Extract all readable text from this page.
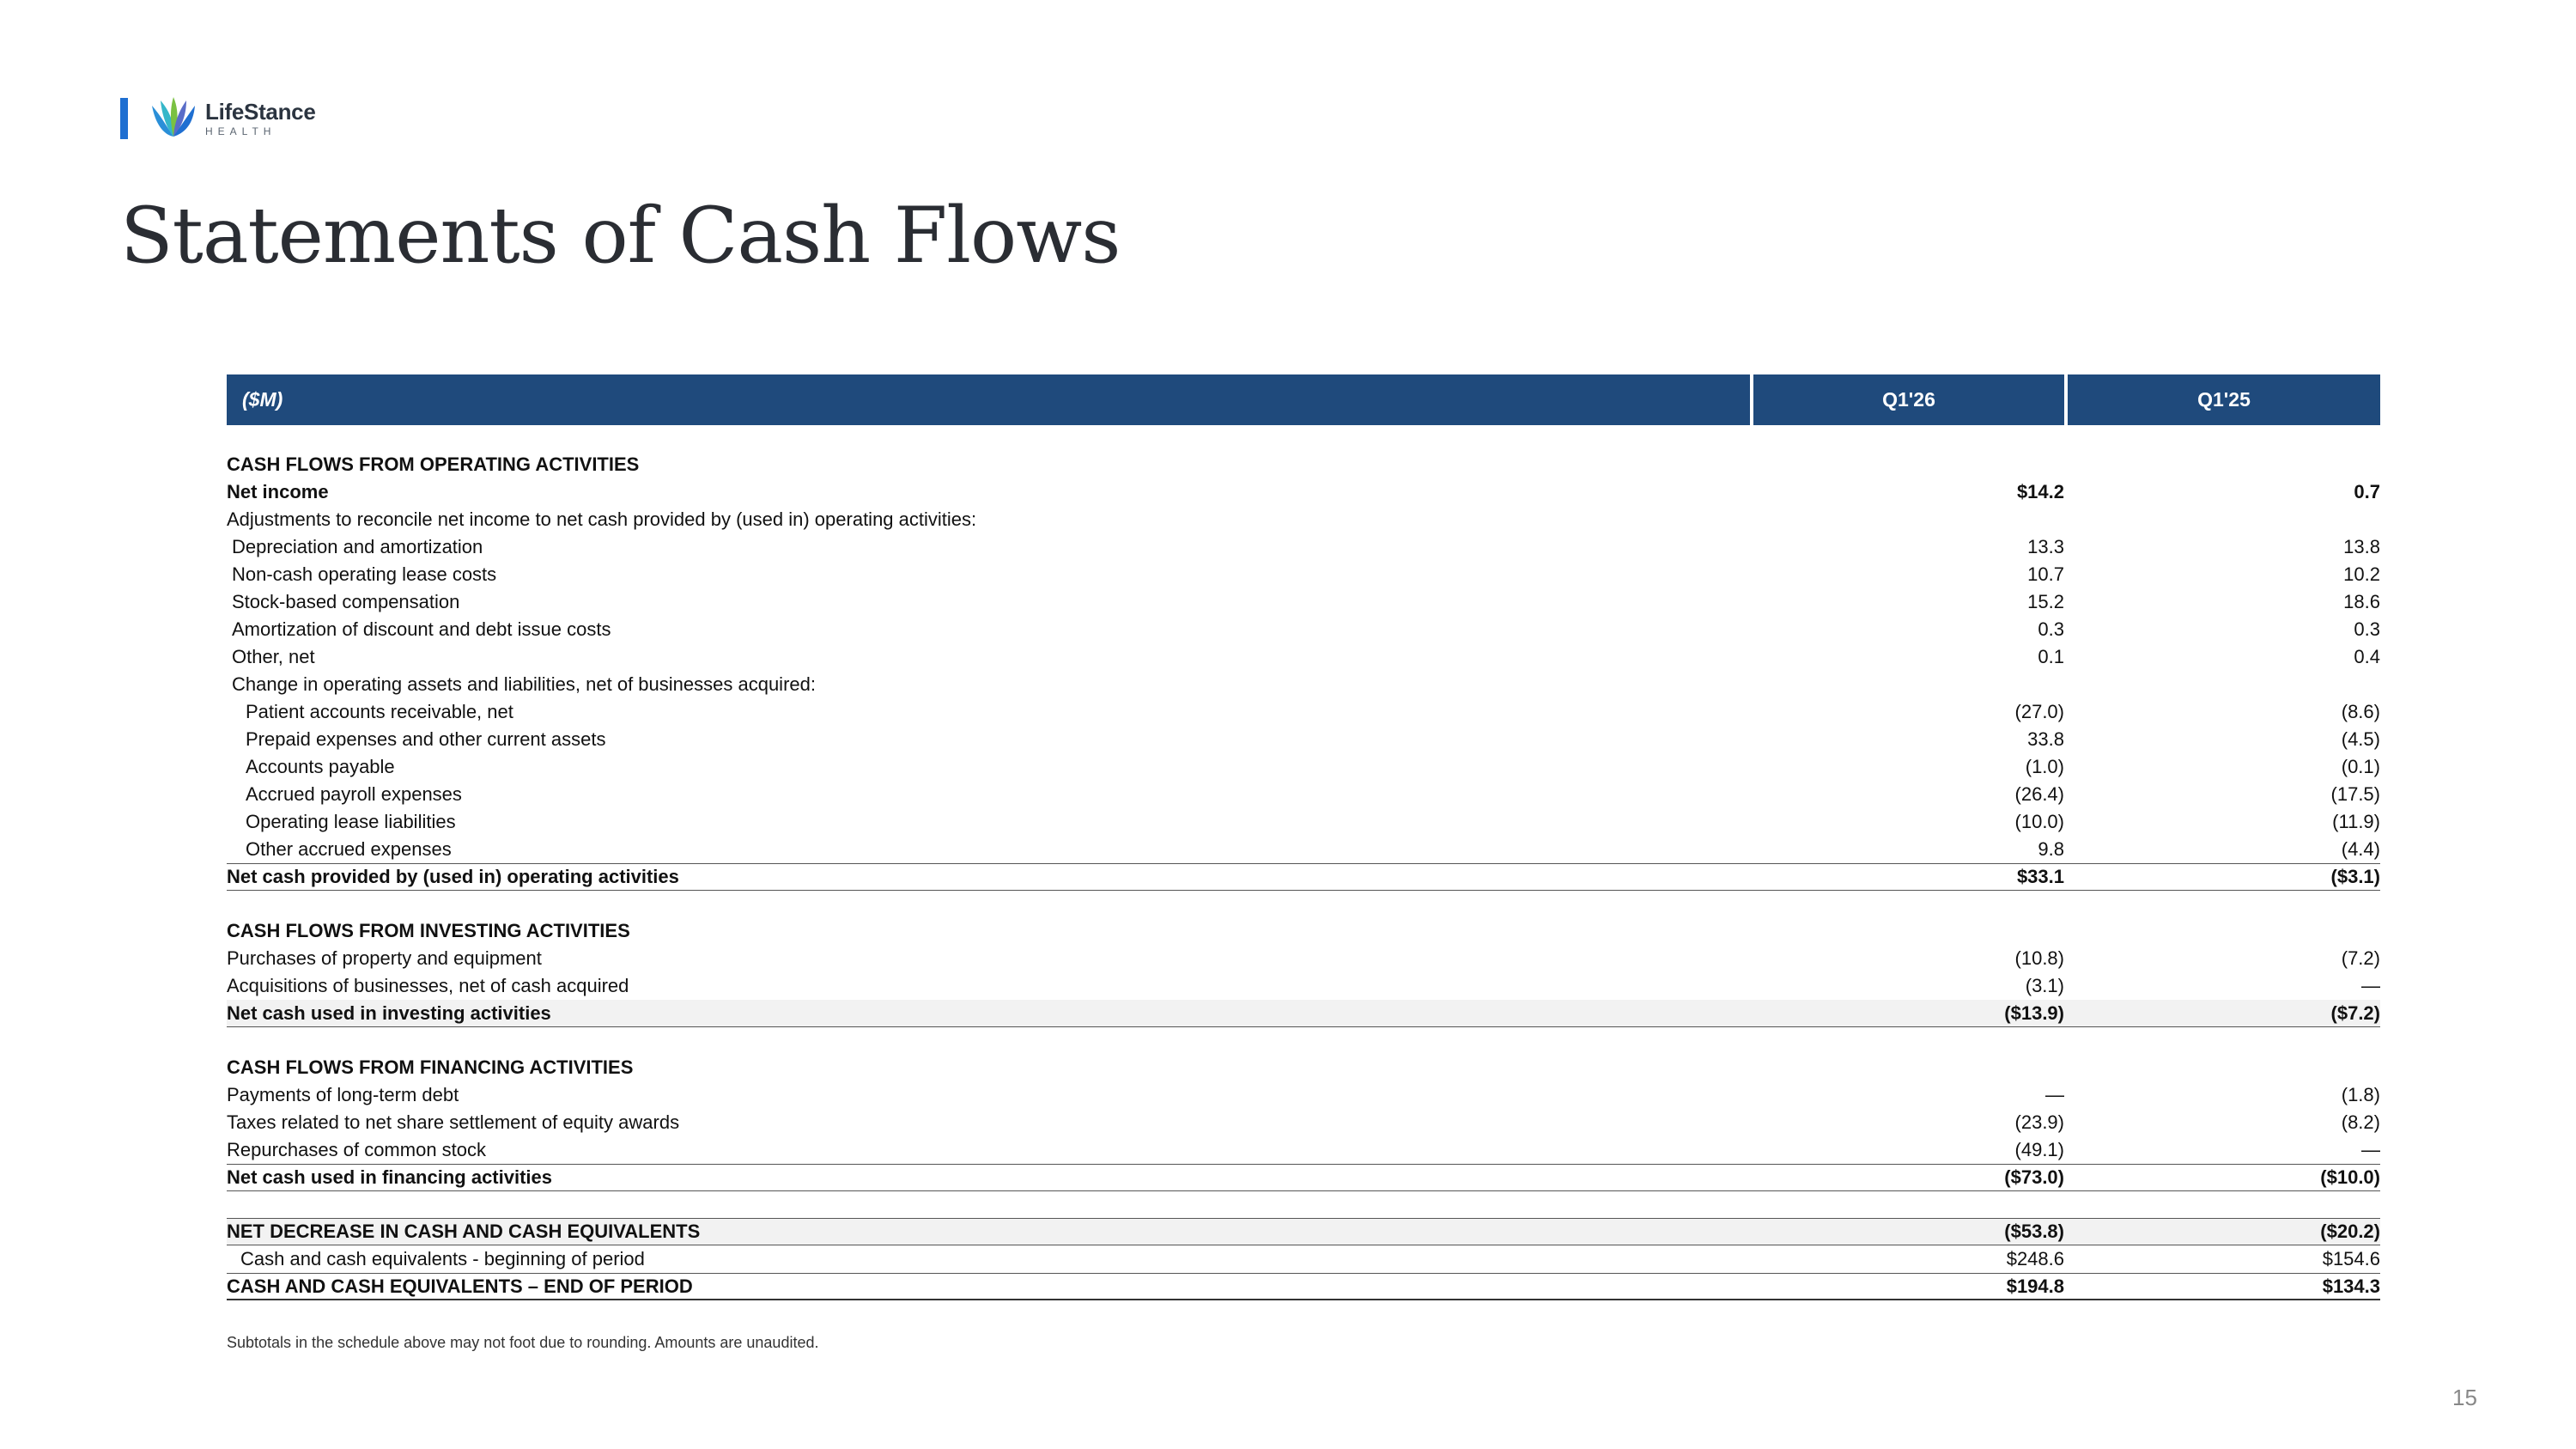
LifeStance
HEALTH
Statements of Cash Flows
($M)	Q1'26	Q1'25
CASH FLOWS FROM OPERATING ACTIVITIES
Net income	$14.2	0.7
Adjustments to reconcile net income to net cash provided by (used in) operating activities:
Depreciation and amortization	13.3	13.8
Non-cash operating lease costs	10.7	10.2
Stock-based compensation	15.2	18.6
Amortization of discount and debt issue costs	0.3	0.3
Other, net	0.1	0.4
Change in operating assets and liabilities, net of businesses acquired:
Patient accounts receivable, net	(27.0)	(8.6)
Prepaid expenses and other current assets	33.8	(4.5)
Accounts payable	(1.0)	(0.1)
Accrued payroll expenses	(26.4)	(17.5)
Operating lease liabilities	(10.0)	(11.9)
Other accrued expenses	9.8	(4.4)
Net cash provided by (used in) operating activities	$33.1	($3.1)
CASH FLOWS FROM INVESTING ACTIVITIES
Purchases of property and equipment	(10.8)	(7.2)
Acquisitions of businesses, net of cash acquired	(3.1)	—
Net cash used in investing activities	($13.9)	($7.2)
CASH FLOWS FROM FINANCING ACTIVITIES
Payments of long-term debt	—	(1.8)
Taxes related to net share settlement of equity awards	(23.9)	(8.2)
Repurchases of common stock	(49.1)	—
Net cash used in financing activities	($73.0)	($10.0)
NET DECREASE IN CASH AND CASH EQUIVALENTS	($53.8)	($20.2)
Cash and cash equivalents - beginning of period	$248.6	$154.6
CASH AND CASH EQUIVALENTS – END OF PERIOD	$194.8	$134.3
Subtotals in the schedule above may not foot due to rounding. Amounts are unaudited.
15
